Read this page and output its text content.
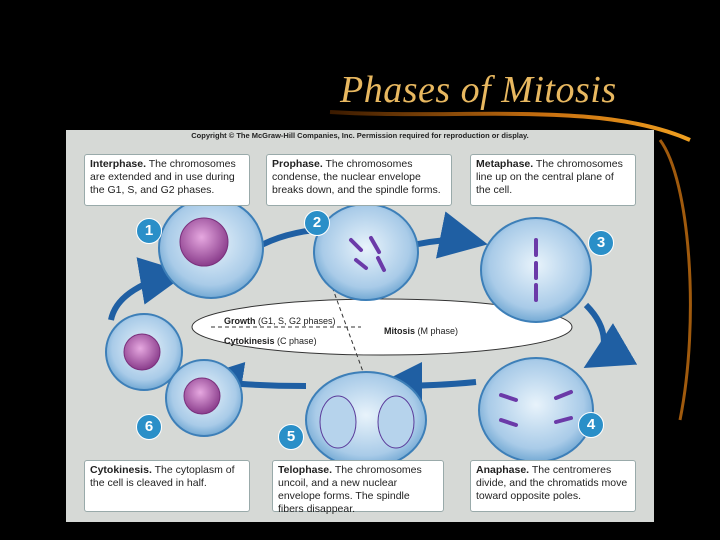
Phases of Mitosis
Copyright © The McGraw-Hill Companies, Inc. Permission required for reproduction or display.
Interphase. The chromosomes are extended and in use during the G1, S, and G2 phases.
Prophase. The chromosomes condense, the nuclear envelope breaks down, and the spindle forms.
Metaphase. The chromosomes line up on the central plane of the cell.
Cytokinesis. The cytoplasm of the cell is cleaved in half.
Telophase. The chromosomes uncoil, and a new nuclear envelope forms. The spindle fibers disappear.
Anaphase. The centromeres divide, and the chromatids move toward opposite poles.
1	2
3
4
5
6
Growth (G1, S, G2 phases)
Cytokinesis (C phase)
Mitosis (M phase)
